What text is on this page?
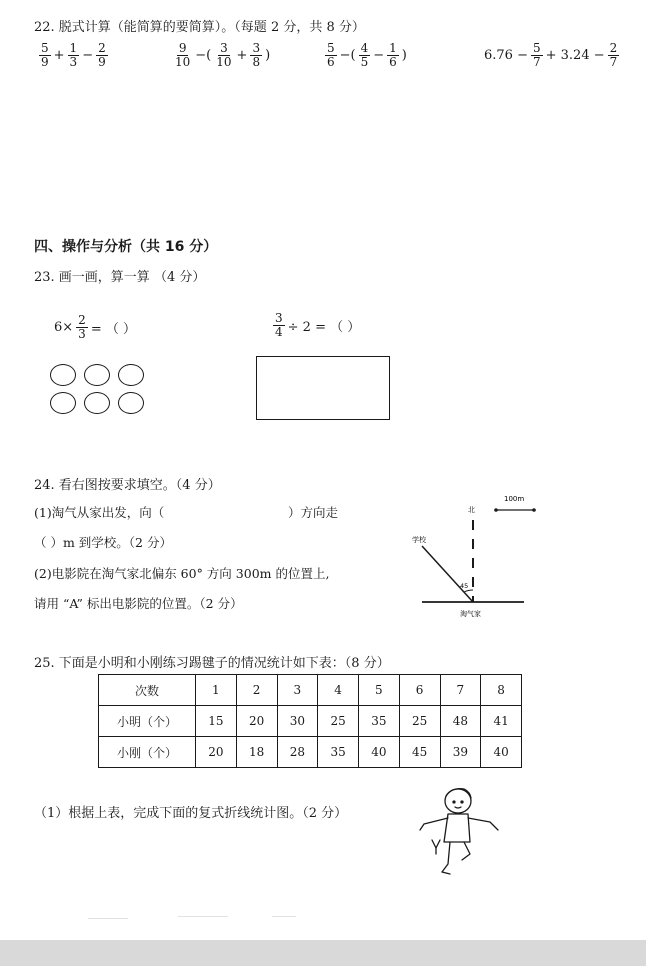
22. 脱式计算（能简算的要简算）。（每题 2 分，共 8 分）
$\frac{5}{9} + \frac{1}{3} - \frac{2}{9}$	$\frac{9}{10}$ −( $\frac{3}{10} + \frac{3}{8}$ )	$\frac{5}{6}$ −( $\frac{4}{5} - \frac{1}{6}$ )	$6.76 - \frac{5}{7} + 3.24 - \frac{2}{7}$
四、操作与分析（共 16 分）
23. 画一画，算一算 （4 分）
$6\times \frac{2}{3}$ = （ ）	$\frac{3}{4} \div 2$ = （ ）
24. 看右图按要求填空。（4 分）
(1)淘气从家出发，向（	）方向走
（ ）m 到学校。（2 分）
(2)电影院在淘气家北偏东 60° 方向 300m 的位置上,
请用 “A” 标出电影院的位置。（2 分）
100m
北
学校
45
淘气家
25. 下面是小明和小刚练习踢毽子的情况统计如下表：（8 分）
次数	1	2	3	4	5	6	7	8
小明（个）	15	20	30	25	35	25	48	41
小刚（个）	20	18	28	35	40	45	39	40
（1）根据上表，完成下面的复式折线统计图。（2 分）
